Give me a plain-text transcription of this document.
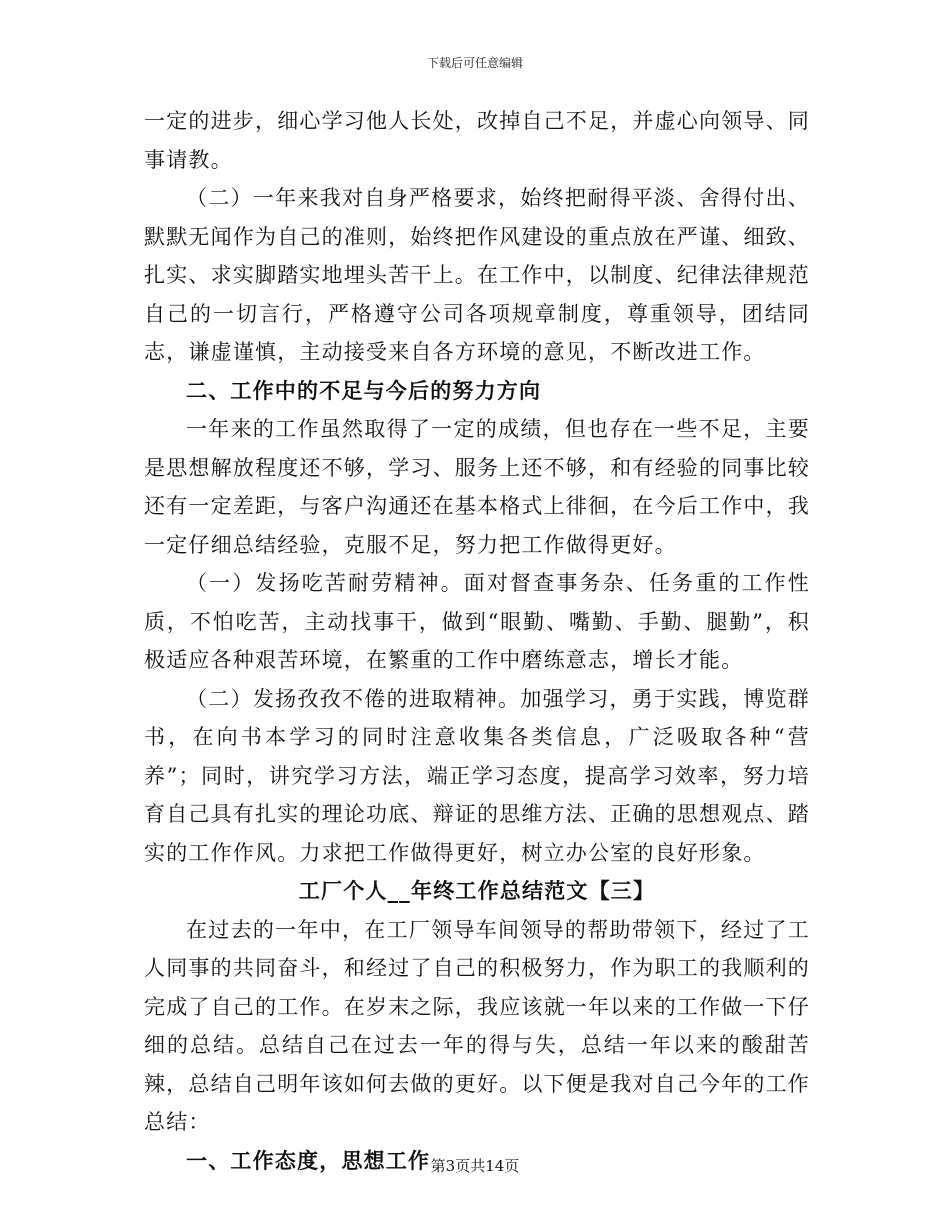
下载后可任意编辑

一定的进步，细心学习他人长处，改掉自己不足，并虚心向领导、同事请教。

（二）一年来我对自身严格要求，始终把耐得平淡、舍得付出、默默无闻作为自己的准则，始终把作风建设的重点放在严谨、细致、扎实、求实脚踏实地埋头苦干上。在工作中，以制度、纪律法律规范自己的一切言行，严格遵守公司各项规章制度，尊重领导，团结同志，谦虚谨慎，主动接受来自各方环境的意见，不断改进工作。

二、工作中的不足与今后的努力方向

一年来的工作虽然取得了一定的成绩，但也存在一些不足，主要是思想解放程度还不够，学习、服务上还不够，和有经验的同事比较还有一定差距，与客户沟通还在基本格式上徘徊，在今后工作中，我一定仔细总结经验，克服不足，努力把工作做得更好。

（一）发扬吃苦耐劳精神。面对督查事务杂、任务重的工作性质，不怕吃苦，主动找事干，做到“眼勤、嘴勤、手勤、腿勤”，积极适应各种艰苦环境，在繁重的工作中磨练意志，增长才能。

（二）发扬孜孜不倦的进取精神。加强学习，勇于实践，博览群书，在向书本学习的同时注意收集各类信息，广泛吸取各种“营养”；同时，讲究学习方法，端正学习态度，提高学习效率，努力培育自己具有扎实的理论功底、辩证的思维方法、正确的思想观点、踏实的工作作风。力求把工作做得更好，树立办公室的良好形象。

工厂个人__年终工作总结范文【三】

在过去的一年中，在工厂领导车间领导的帮助带领下，经过了工人同事的共同奋斗，和经过了自己的积极努力，作为职工的我顺利的完成了自己的工作。在岁末之际，我应该就一年以来的工作做一下仔细的总结。总结自己在过去一年的得与失，总结一年以来的酸甜苦辣，总结自己明年该如何去做的更好。以下便是我对自己今年的工作总结：

一、工作态度，思想工作 第3页共14页
